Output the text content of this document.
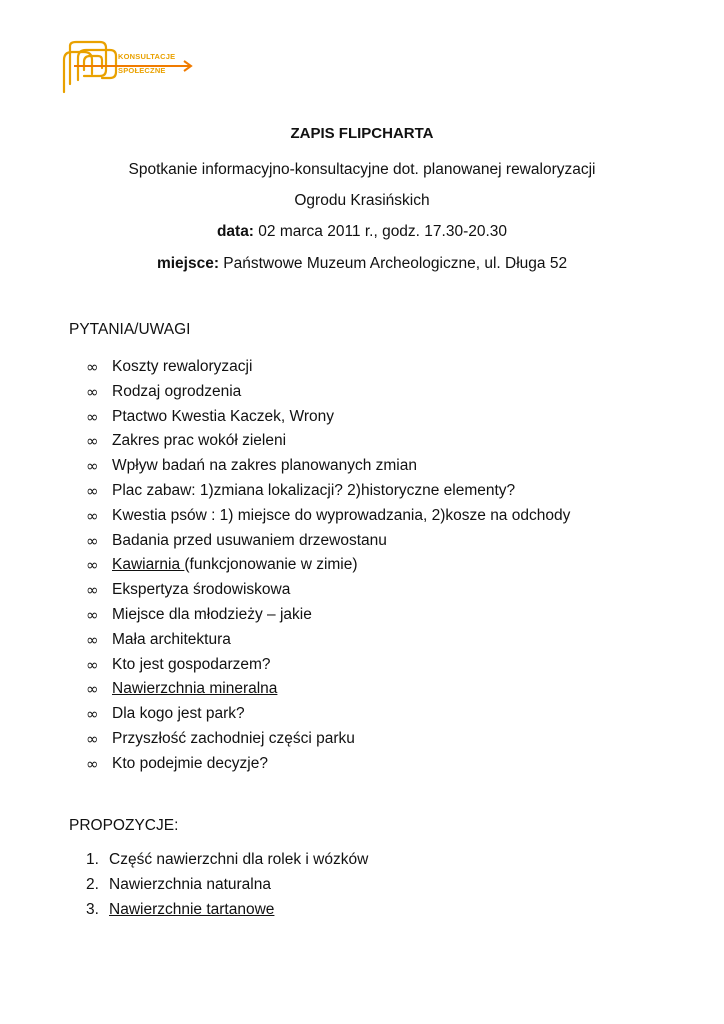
KONSULTACJE
SPOŁECZNE
ZAPIS FLIPCHARTA
Spotkanie informacyjno-konsultacyjne dot. planowanej rewaloryzacji
Ogrodu Krasińskich
data: 02 marca 2011 r., godz. 17.30-20.30
miejsce: Państwowe Muzeum Archeologiczne, ul. Długa 52
PYTANIA/UWAGI
∞ Koszty rewaloryzacji
∞ Rodzaj ogrodzenia
∞ Ptactwo Kwestia Kaczek, Wrony
∞ Zakres prac wokół zieleni
∞ Wpływ badań na zakres planowanych zmian
∞ Plac zabaw: 1)zmiana lokalizacji? 2)historyczne elementy?
∞ Kwestia psów : 1) miejsce do wyprowadzania, 2)kosze na odchody
∞ Badania przed usuwaniem drzewostanu
∞ Kawiarnia (funkcjonowanie w zimie)
∞ Ekspertyza środowiskowa
∞ Miejsce dla młodzieży – jakie
∞ Mała architektura
∞ Kto jest gospodarzem?
∞ Nawierzchnia mineralna
∞ Dla kogo jest park?
∞ Przyszłość zachodniej części parku
∞ Kto podejmie decyzje?
PROPOZYCJE:
1. Część nawierzchni dla rolek i wózków
2. Nawierzchnia naturalna
3. Nawierzchnie tartanowe
